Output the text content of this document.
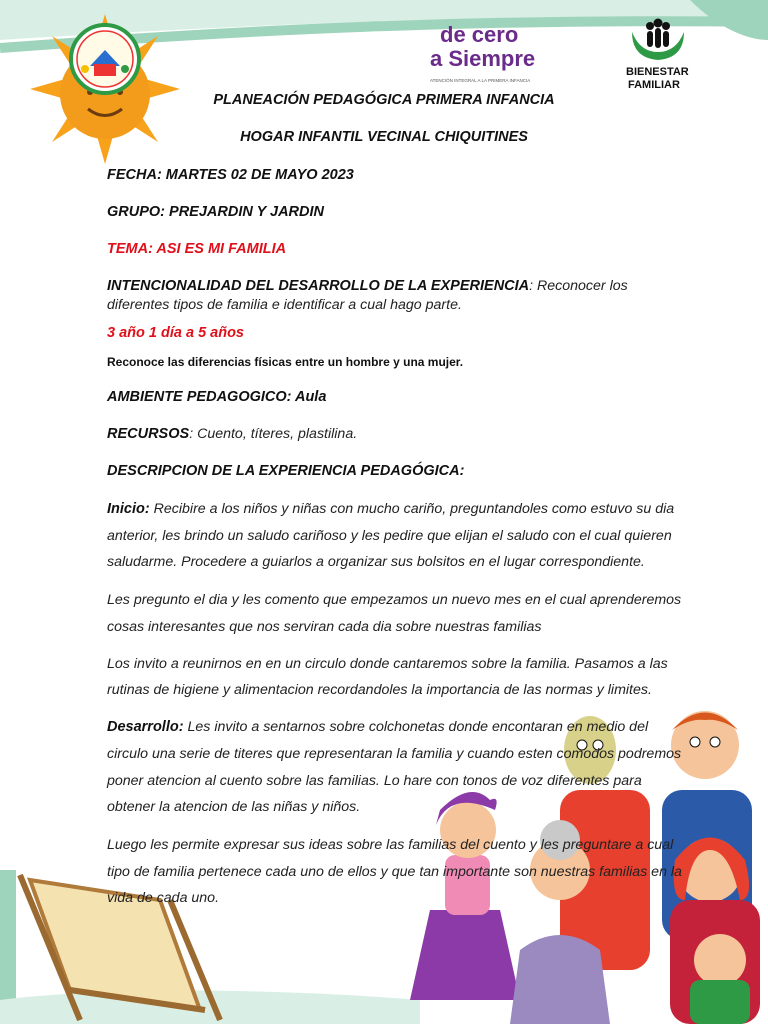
de cero
a Siempre
ATENCIÓN INTEGRAL A LA PRIMERA INFANCIA
BIENESTAR
FAMILIAR
PLANEACIÓN PEDAGÓGICA PRIMERA INFANCIA
HOGAR INFANTIL VECINAL CHIQUITINES
FECHA: MARTES 02 DE MAYO 2023
GRUPO: PREJARDIN Y JARDIN
TEMA: ASI ES MI FAMILIA
INTENCIONALIDAD DEL DESARROLLO DE LA EXPERIENCIA: Reconocer los
diferentes tipos de familia e identificar a cual hago parte.
3 año 1 día a 5 años
Reconoce las diferencias físicas entre un hombre y una mujer.
AMBIENTE PEDAGOGICO: Aula
RECURSOS: Cuento, títeres, plastilina.
DESCRIPCION DE LA EXPERIENCIA PEDAGÓGICA:
Inicio: Recibire a los niños y niñas con mucho cariño, preguntandoles como estuvo su dia
anterior, les brindo un saludo cariñoso y les pedire que elijan el saludo con el cual quieren
saludarme. Procedere a guiarlos a organizar sus bolsitos en el lugar correspondiente.
Les pregunto el dia y les comento que empezamos un nuevo mes en el cual aprenderemos
cosas interesantes que nos serviran cada dia sobre nuestras familias
Los invito a reunirnos en en un circulo donde cantaremos sobre la familia. Pasamos a las
rutinas de higiene y alimentacion recordandoles la importancia de las normas y limites.
Desarrollo: Les invito a sentarnos sobre colchonetas donde encontaran en medio del
circulo una serie de titeres que representaran la familia y cuando esten comodos podremos
poner atencion al cuento sobre las familias. Lo hare con tonos de voz diferentes para
obtener la atencion de las niñas y niños.
Luego les permite expresar sus ideas sobre las familias del cuento y les preguntare a cual
tipo de familia pertenece cada uno de ellos y que tan importante son nuestras familias en la
vida de cada uno.
